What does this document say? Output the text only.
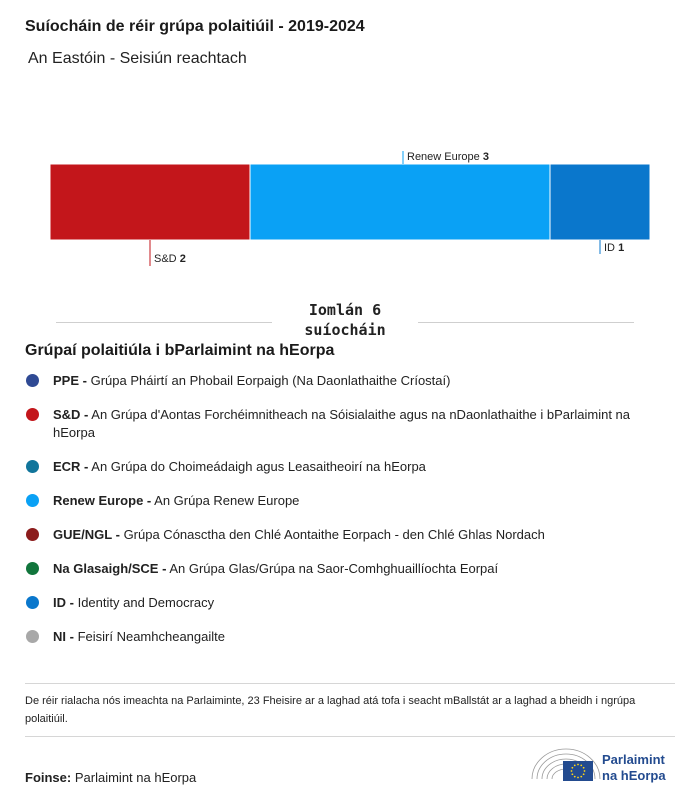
Suíocháin de réir grúpa polaitiúil - 2019-2024
An Eastóin - Seisiún reachtach
S&D 2
Renew Europe 3
ID 1
Iomlán 6
suíocháin
Grúpaí polaitiúla i bParlaimint na hEorpa
PPE - Grúpa Pháirtí an Phobail Eorpaigh (Na Daonlathaithe Críostaí)
S&D - An Grúpa d'Aontas Forchéimnitheach na Sóisialaithe agus na nDaonlathaithe i bParlaimint na hEorpa
ECR - An Grúpa do Choimeádaigh agus Leasaitheoirí na hEorpa
Renew Europe - An Grúpa Renew Europe
GUE/NGL - Grúpa Cónasctha den Chlé Aontaithe Eorpach - den Chlé Ghlas Nordach
Na Glasaigh/SCE - An Grúpa Glas/Grúpa na Saor-Comhghuaillíochta Eorpaí
ID - Identity and Democracy
NI - Feisirí Neamhcheangailte
De réir rialacha nós imeachta na Parlaiminte, 23 Fheisire ar a laghad atá tofa i seacht mBallstát ar a laghad a bheidh i ngrúpa polaitiúil.
Foinse: Parlaimint na hEorpa
Parlaimint
na hEorpa
